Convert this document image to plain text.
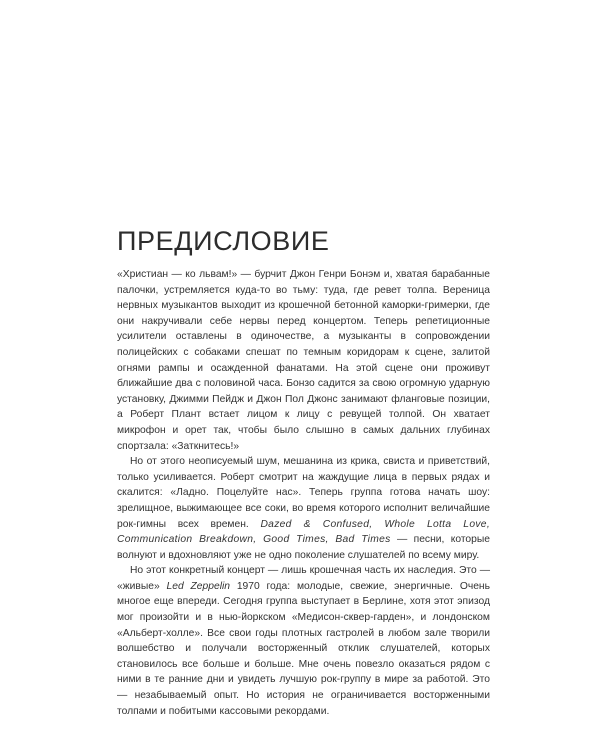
ПРЕДИСЛОВИЕ

«Христиан — ко львам!» — бурчит Джон Генри Бонэм и, хватая барабанные палочки, устремляется куда-то во тьму: туда, где ревет толпа. Вереница нервных музыкантов выходит из крошечной бетонной каморки-гримерки, где они накручивали себе нервы перед концертом. Теперь репетиционные усилители оставлены в одиночестве, а музыканты в сопровождении полицейских с собаками спешат по темным коридорам к сцене, залитой огнями рампы и осажденной фанатами. На этой сцене они проживут ближайшие два с половиной часа. Бонзо садится за свою огромную ударную установку, Джимми Пейдж и Джон Пол Джонс занимают фланговые позиции, а Роберт Плант встает лицом к лицу с ревущей толпой. Он хватает микрофон и орет так, чтобы было слышно в самых дальних глубинах спортзала: «Заткнитесь!»

Но от этого неописуемый шум, мешанина из крика, свиста и приветствий, только усиливается. Роберт смотрит на жаждущие лица в первых рядах и скалится: «Ладно. Поцелуйте нас». Теперь группа готова начать шоу: зрелищное, выжимающее все соки, во время которого исполнит величайшие рок-гимны всех времен. Dazed & Confused, Whole Lotta Love, Communication Breakdown, Good Times, Bad Times — песни, которые волнуют и вдохновляют уже не одно поколение слушателей по всему миру.

Но этот конкретный концерт — лишь крошечная часть их наследия. Это — «живые» Led Zeppelin 1970 года: молодые, свежие, энергичные. Очень многое еще впереди. Сегодня группа выступает в Берлине, хотя этот эпизод мог произойти и в нью-йоркском «Медисон-сквер-гарден», и лондонском «Альберт-холле». Все свои годы плотных гастролей в любом зале творили волшебство и получали восторженный отклик слушателей, которых становилось все больше и больше. Мне очень повезло оказаться рядом с ними в те ранние дни и увидеть лучшую рок-группу в мире за работой. Это — незабываемый опыт. Но история не ограничивается восторженными толпами и побитыми кассовыми рекордами.
